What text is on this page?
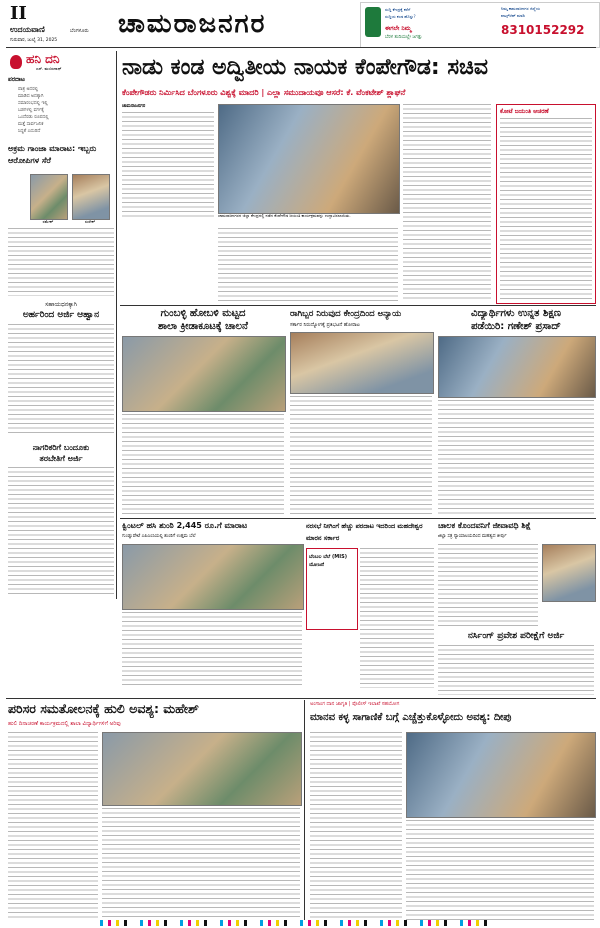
II
ಉದಯವಾಣಿ	ಬೆಂಗಳೂರು
ಗುರುವಾರ, ಜುಲೈ 31, 2025
ಚಾಮರಾಜನಗರ	ಸುದ್ದಿ ಕೇಂದ್ರಕ್ಕೆ ಕರೆಗೆ
ಸುದ್ದಿಯ ಕಂಡ ಹೊಸ್ತು?
ಈಗಲೇ ನಿಮ್ಮ
ಬೆರಳ ತುದಿಯಲ್ಲೇ ಜಗತ್ತು
ನಿಮ್ಮ ಕಾಮರಾಜನಗರ ಜಿಲ್ಲೆಯ
ವಾಟ್ಸ್‌ಆಪ್ ಮಾಡಿ
8310152292
ಹನಿ ದನಿ
ಎಸ್. ಮಂಜುನಾಥ್
ಪರದಾಟ
ಪಾತ್ರ ಅದರಲ್ಲಿ
ಮಾಡಿದ ಅದಕ್ಕಾಗಿ
ಸಮಾರಂಭದಲ್ಲಿ ಇಲ್ಲಿ
ಬಡಗಳಲ್ಲಿ ವರ್ಗಕ್ಕೆ
ಒಂದೆರಡು ರೂಪದಲ್ಲಿ
ಮತ್ತೆ ಸಾರ್ವಜನಿಕ
ಸಿದ್ಧತೆ ಎದುರಿದೆ
ಅಕ್ರಮ ಗಾಂಜಾ ಮಾರಾಟ: ಇಬ್ಬರು ಆರೋಪಿಗಳ ಸೆರೆ
ರಮೇಶ್	ಸುರೇಶ್
ಸಹಾಯಧನಕ್ಕಾಗಿ
ಅರ್ಹರಿಂದ ಅರ್ಜಿ ಆಹ್ವಾನ
ನಾಗರಿಕರಿಗೆ ಬಂದೂಕು
ತರಬೇತಿಗೆ ಅರ್ಜಿ
ನಾಡು ಕಂಡ ಅದ್ವಿತೀಯ ನಾಯಕ ಕೆಂಪೇಗೌಡ: ಸಚಿವ
ಕೆಂಪೇಗೌಡರು ನಿರ್ಮಿಸಿದ ಬೆಂಗಳೂರು ವಿಶ್ವಕ್ಕೆ ಮಾದರಿ | ಎಲ್ಲಾ ಸಮುದಾಯವೂ ಆಸರೆ: ಕೆ. ವೆಂಕಟೇಶ್ ಶ್ಲಾಘನೆ
ಚಾಮರಾಜನಗರ
ಚಾಮರಾಜನಗರದ ಜಿಲ್ಲಾ ಕೇಂದ್ರದಲ್ಲಿ ನಡೆದ ಕೆಂಪೇಗೌಡ ಜಯಂತಿ ಕಾರ್ಯಕ್ರಮವನ್ನು ಉದ್ಘಾಟಿಸಲಾಯಿತು.
ಕೋಟೆ ಜಯಂತಿ ಆಚರಣೆ
ಗುಂಬಳ್ಳಿ ಹೋಬಳಿ ಮಟ್ಟದ
ಶಾಲಾ ಕ್ರೀಡಾಕೂಟಕ್ಕೆ ಚಾಲನೆ
ರಾಗಿಬ್ಬರ ನಿರುವುದ ಕೇಂದ್ರದಿಂದ ಅನ್ಯಾಯ
ಸರ್ಕಾರ ನಿರುದ್ಯೋಗಕ್ಕೆ ಪ್ರತಿಭಟನೆ ಹೋರಾಟ
ವಿದ್ಯಾರ್ಥಿಗಳು ಉನ್ನತ ಶಿಕ್ಷಣ
ಪಡೆಯಿರಿ: ಗಣೇಶ್ ಪ್ರಸಾದ್
ಕ್ವಿಂಟಲ್ ಹಸಿ ಶುಂಠಿ 2,445 ರೂ.ಗೆ ಮಾರಾಟ
ಗುಂಡ್ಲುಪೇಟೆ ಎಪಿಎಂಸಿಯಲ್ಲಿ ಶುಂಠಿಗೆ ಉತ್ತಮ ಬೆಲೆ
ನರಸಭೆ ನೀಗಿಂಗೆ ಹೆಚ್ಚು ಪರದಾಟ ಇದರಿಂದ ಮಹದೇಶ್ವರ ಮಾರನ ಸರ್ಕಾರ
ಬೆಂಬಲ ಬೆಲೆ (MIS) ಯೋಜನೆ
ಚಾಲಕ ಕೊಂದವನಿಗೆ ಜೀವಾವಧಿ ಶಿಕ್ಷೆ
ಜಿಲ್ಲಾ ಸತ್ರ ನ್ಯಾಯಾಲಯದಿಂದ ಮಹತ್ವದ ತೀರ್ಪು
ನರ್ಸಿಂಗ್ ಪ್ರವೇಶ ಪರೀಕ್ಷೆಗೆ ಅರ್ಜಿ
ಪರಿಸರ ಸಮತೋಲನಕ್ಕೆ ಹುಲಿ ಅವಶ್ಯ: ಮಹೇಶ್
ಹುಲಿ ದಿನಾಚರಣೆ ಕಾರ್ಯಕ್ರಮದಲ್ಲಿ ಶಾಲಾ ವಿದ್ಯಾರ್ಥಿಗಳಿಗೆ ಅರಿವು
ಅಂಗಾಂಗ ದಾನ ಜಾಗೃತಿ | ಪೊಲೀಸ್ ಇಲಾಖೆ ಸಹಯೋಗ
ಮಾನವ ಕಳ್ಳ ಸಾಗಾಣಿಕೆ ಬಗ್ಗೆ ಎಚ್ಚೆತ್ತುಕೊಳ್ಳೋದು ಅವಶ್ಯ: ದೀಪು
